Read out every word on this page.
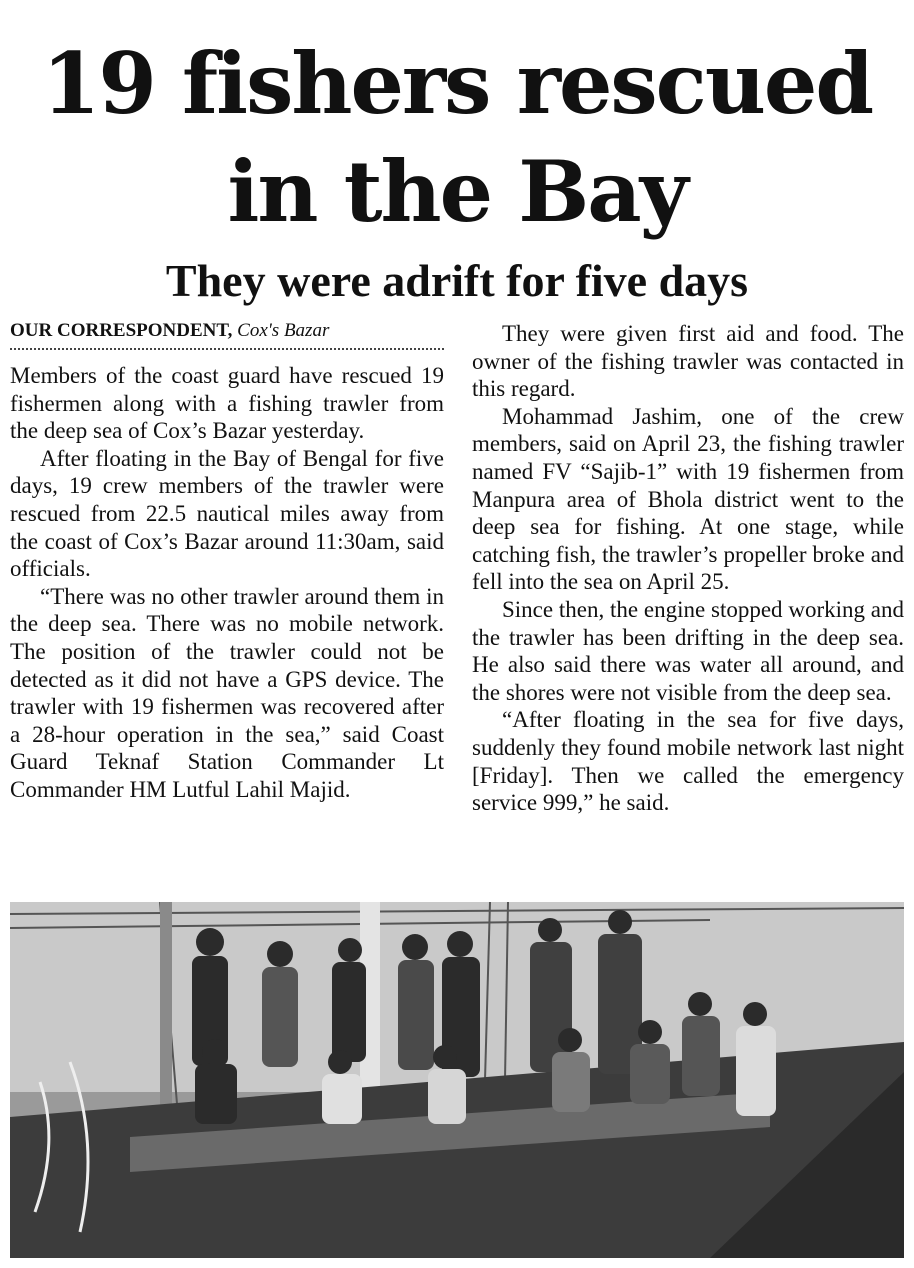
19 fishers rescued
in the Bay
They were adrift for five days
OUR CORRESPONDENT, Cox's Bazar

Members of the coast guard have rescued 19 fishermen along with a fishing trawler from the deep sea of Cox’s Bazar yesterday.

After floating in the Bay of Bengal for five days, 19 crew members of the trawler were rescued from 22.5 nautical miles away from the coast of Cox’s Bazar around 11:30am, said officials.

“There was no other trawler around them in the deep sea. There was no mobile network. The position of the trawler could not be detected as it did not have a GPS device. The trawler with 19 fishermen was recovered after a 28-hour operation in the sea,” said Coast Guard Teknaf Station Commander Lt Commander HM Lutful Lahil Majid.

They were given first aid and food. The owner of the fishing trawler was contacted in this regard.

Mohammad Jashim, one of the crew members, said on April 23, the fishing trawler named FV “Sajib-1” with 19 fishermen from Manpura area of Bhola district went to the deep sea for fishing. At one stage, while catching fish, the trawler’s propeller broke and fell into the sea on April 25.

Since then, the engine stopped working and the trawler has been drifting in the deep sea. He also said there was water all around, and the shores were not visible from the deep sea.

“After floating in the sea for five days, suddenly they found mobile network last night [Friday]. Then we called the emergency service 999,” he said.
